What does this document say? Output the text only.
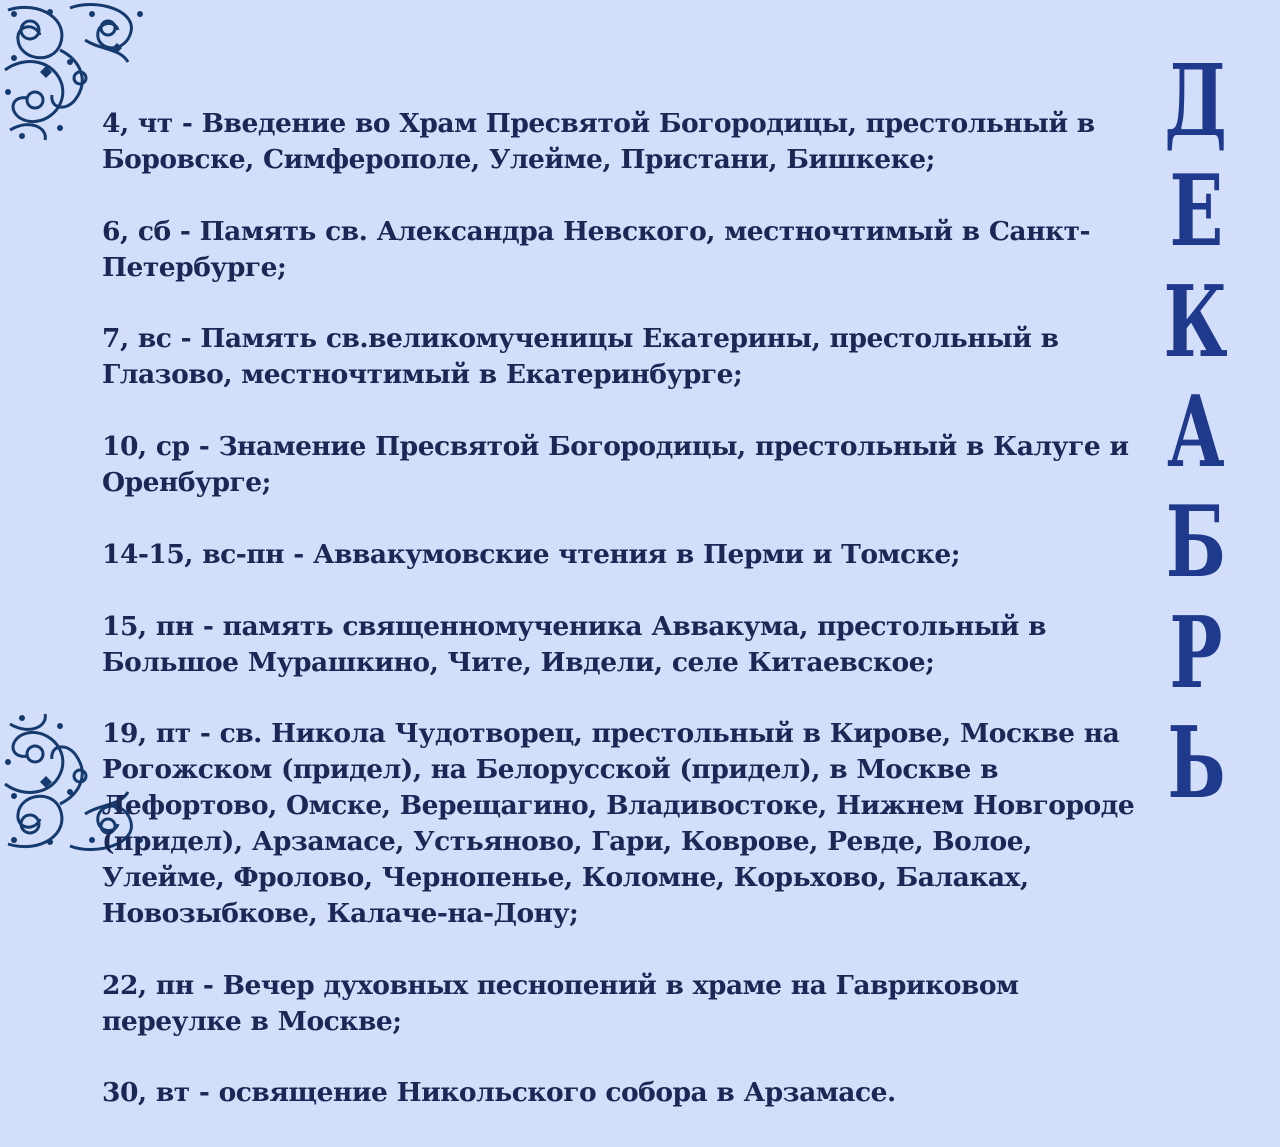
4, чт - Введение во Храм Пресвятой Богородицы, престольный в Боровске, Симферополе, Улейме, Пристани, Бишкеке;

6, сб - Память св. Александра Невского, местночтимый в Санкт-Петербурге;

7, вс - Память св.великомученицы Екатерины, престольный в Глазово, местночтимый в Екатеринбурге;

10, ср - Знамение Пресвятой Богородицы, престольный в Калуге и Оренбурге;

14-15, вс-пн - Аввакумовские чтения в Перми и Томске;

15, пн - память священномученика Аввакума, престольный в Большое Мурашкино, Чите, Ивдели, селе Китаевское;

19, пт - св. Никола Чудотворец, престольный в Кирове, Москве на Рогожском (придел), на Белорусской (придел), в Москве в Лефортово, Омске, Верещагино, Владивостоке, Нижнем Новгороде (придел), Арзамасе, Устьяново, Гари, Коврове, Ревде, Волое, Улейме, Фролово, Чернопенье, Коломне, Корьхово, Балаках, Новозыбкове, Калаче-на-Дону;

22, пн - Вечер духовных песнопений в храме на Гавриковом переулке в Москве;

30, вт - освящение Никольского собора в Арзамасе.

Д
Е
К
А
Б
Р
Ь
